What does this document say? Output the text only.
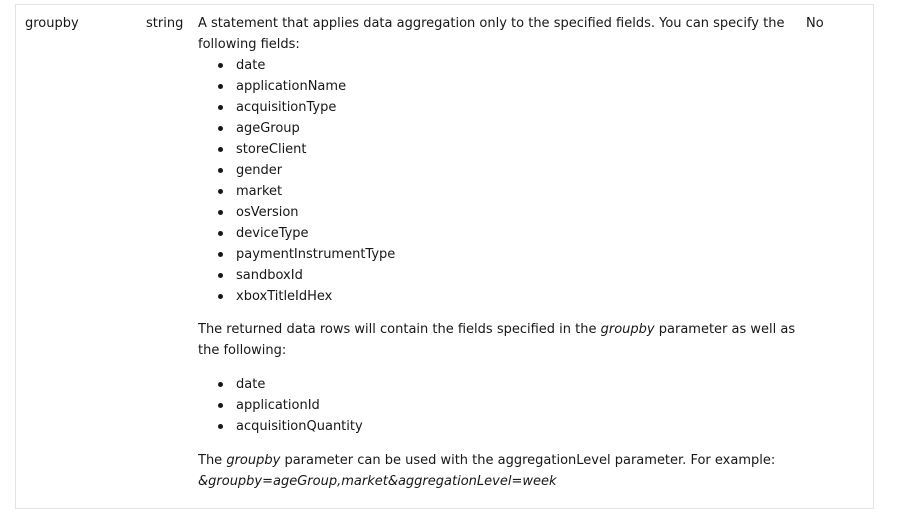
groupby	string A statement that applies data aggregation only to the specified fields. You can specify the following fields:

date
applicationName
acquisitionType
ageGroup
storeClient
gender
market
osVersion
deviceType
paymentInstrumentType
sandboxId
xboxTitleIdHex

The returned data rows will contain the fields specified in the groupby parameter as well as the following:

date
applicationId
acquisitionQuantity

The groupby parameter can be used with the aggregationLevel parameter. For example:
&groupby=ageGroup,market&aggregationLevel=week

No
